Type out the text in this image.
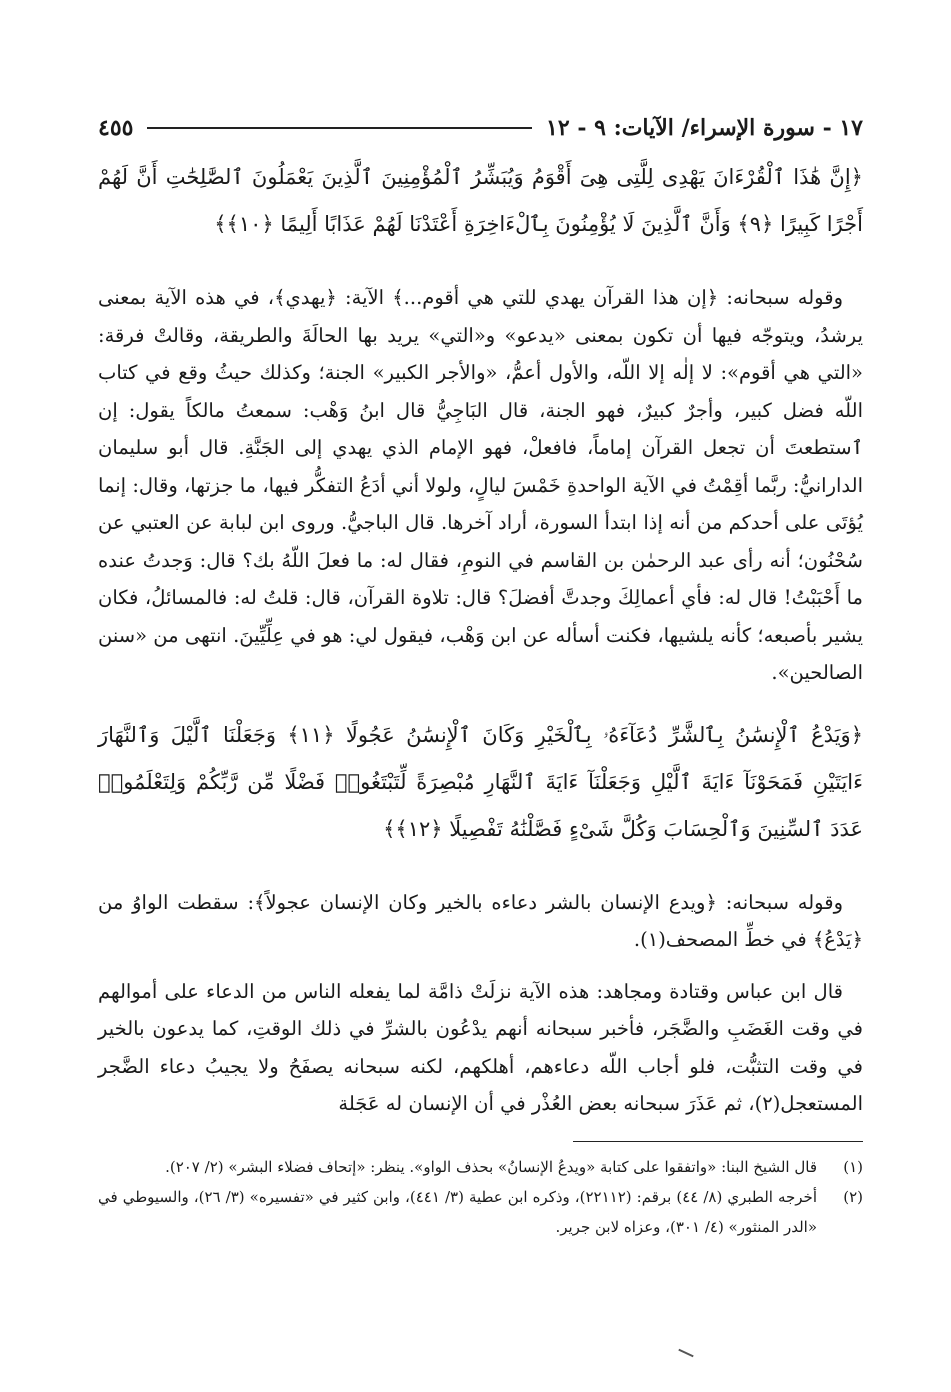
١٧ - سورة الإسراء/ الآيات: ٩ - ١٢
٤٥٥

﴿إِنَّ هَٰذَا ٱلْقُرْءَانَ يَهْدِى لِلَّتِى هِىَ أَقْوَمُ وَيُبَشِّرُ ٱلْمُؤْمِنِينَ ٱلَّذِينَ يَعْمَلُونَ ٱلصَّٰلِحَٰتِ أَنَّ لَهُمْ أَجْرًا كَبِيرًا ﴿٩﴾ وَأَنَّ ٱلَّذِينَ لَا يُؤْمِنُونَ بِٱلْءَاخِرَةِ أَعْتَدْنَا لَهُمْ عَذَابًا أَلِيمًا ﴿١٠﴾﴾

وقوله سبحانه: ﴿إن هذا القرآن يهدي للتي هي أقوم...﴾ الآية: ﴿يهدي﴾، في هذه الآية بمعنى يرشدُ، ويتوجّه فيها أن تكون بمعنى «يدعو» و«التي» يريد بها الحالَةَ والطريقة، وقالتْ فرقة: «التي هي أقوم»: لا إلٰه إلا اللّه، والأول أعمُّ، «والأجر الكبير» الجنة؛ وكذلك حيثُ وقع في كتاب اللّه فضل كبير، وأجرٌ كبيرٌ، فهو الجنة، قال البَاجِيُّ قال ابنُ وَهْب: سمعتُ مالكاً يقول: إن ٱستطعتَ أن تجعل القرآن إماماً، فافعلْ، فهو الإمام الذي يهدي إلى الجَنَّةِ. قال أبو سليمان الدارانيُّ: ربَّما أقِمْتُ في الآية الواحدةِ خَمْسَ ليالٍ، ولولا أني أدَعُ التفكُّر فيها، ما جزتها، وقال: إنما يُؤتَى على أحدكم من أنه إذا ابتدأ السورة، أراد آخرها. قال الباجيُّ. وروى ابن لبابة عن العتبي عن سُحْنُون؛ أنه رأى عبد الرحمٰن بن القاسم في النومِ، فقال له: ما فعلَ اللّهُ بك؟ قال: وَجدتُ عنده ما أَحْبَبْتُ! قال له: فأي أعمالِكَ وجدتَّ أفضلَ؟ قال: تلاوة القرآن، قال: قلتُ له: فالمسائلُ، فكان يشير بأصبعه؛ كأنه يلشيها، فكنت أسأله عن ابن وَهْب، فيقول لي: هو في عِلِّيِّينَ. انتهى من «سنن الصالحين».

﴿وَيَدْعُ ٱلْإِنسَٰنُ بِٱلشَّرِّ دُعَآءَهُۥ بِٱلْخَيْرِ وَكَانَ ٱلْإِنسَٰنُ عَجُولًا ﴿١١﴾ وَجَعَلْنَا ٱلَّيْلَ وَٱلنَّهَارَ ءَايَتَيْنِ فَمَحَوْنَآ ءَايَةَ ٱلَّيْلِ وَجَعَلْنَآ ءَايَةَ ٱلنَّهَارِ مُبْصِرَةً لِّتَبْتَغُوا۟ فَضْلًا مِّن رَّبِّكُمْ وَلِتَعْلَمُوا۟ عَدَدَ ٱلسِّنِينَ وَٱلْحِسَابَ وَكُلَّ شَىْءٍ فَصَّلْنَٰهُ تَفْصِيلًا ﴿١٢﴾﴾

وقوله سبحانه: ﴿ويدع الإنسان بالشر دعاءه بالخير وكان الإنسان عجولاً﴾: سقطت الواوُ من ﴿يَدْعُ﴾ في خطِّ المصحف(١).

قال ابن عباس وقتادة ومجاهد: هذه الآية نزلَتْ ذامَّة لما يفعله الناس من الدعاء على أموالهم في وقت الغَضَبِ والضَّجَر، فأخبر سبحانه أنهم يدْعُون بالشرِّ في ذلك الوقتِ، كما يدعون بالخير في وقت التثبُّت، فلو أجاب اللّه دعاءهم، أهلكهم، لكنه سبحانه يصفَحُ ولا يجيبُ دعاء الضَّجر المستعجل(٢)، ثم عَذَرَ سبحانه بعض العُذْر في أن الإنسان له عَجَلة

(١)
قال الشيخ البنا: «واتفقوا على كتابة «ويدعُ الإنسانُ» بحذف الواو». ينظر: «إتحاف فضلاء البشر» (٢/ ٢٠٧).

(٢)
أخرجه الطبري (٨/ ٤٤) برقم: (٢٢١١٢)، وذكره ابن عطية (٣/ ٤٤١)، وابن كثير في «تفسيره» (٣/ ٢٦)، والسيوطي في «الدر المنثور» (٤/ ٣٠١)، وعزاه لابن جرير.
